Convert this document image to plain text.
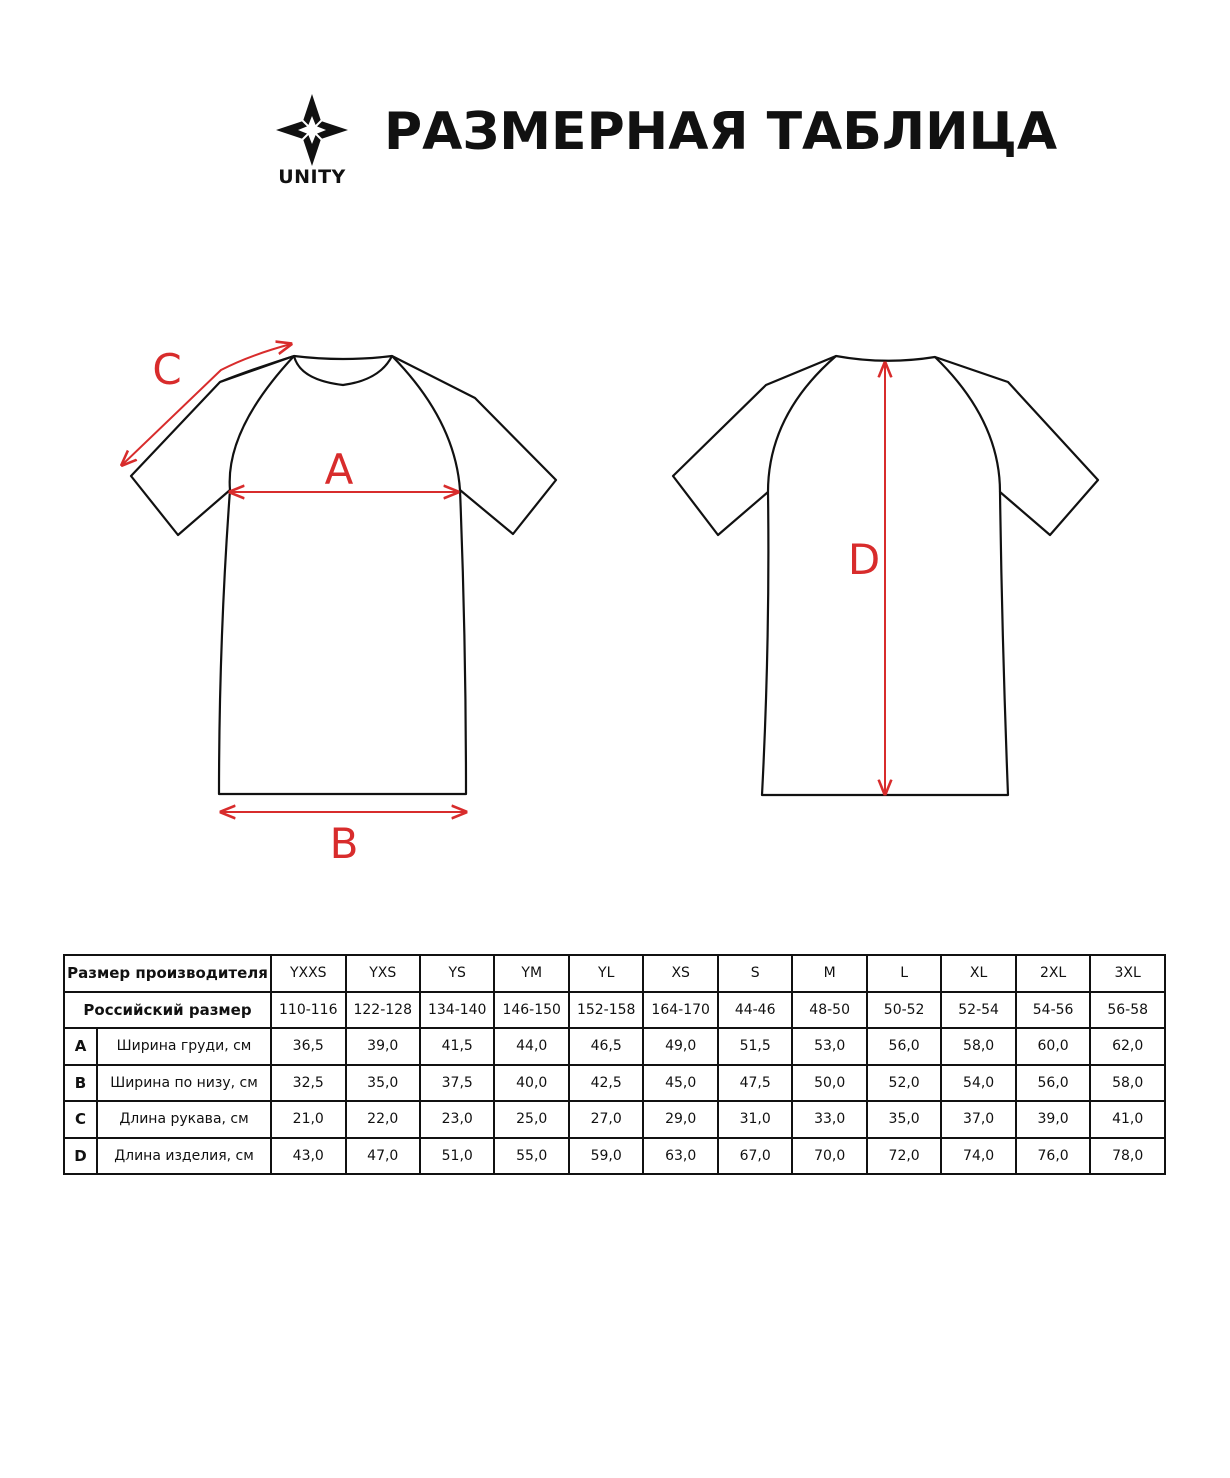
UNITY
РАЗМЕРНАЯ ТАБЛИЦА
A
B
C
D
Размер производителя		YXXS	YXS	YS	YM	YL	XS	S	M	L	XL	2XL	3XL
Российский размер		110-116	122-128	134-140	146-150	152-158	164-170	44-46	48-50	50-52	52-54	54-56	56-58
A	Ширина груди, см	36,5	39,0	41,5	44,0	46,5	49,0	51,5	53,0	56,0	58,0	60,0	62,0
B	Ширина по низу, см	32,5	35,0	37,5	40,0	42,5	45,0	47,5	50,0	52,0	54,0	56,0	58,0
C	Длина рукава, см	21,0	22,0	23,0	25,0	27,0	29,0	31,0	33,0	35,0	37,0	39,0	41,0
D	Длина изделия, см	43,0	47,0	51,0	55,0	59,0	63,0	67,0	70,0	72,0	74,0	76,0	78,0
